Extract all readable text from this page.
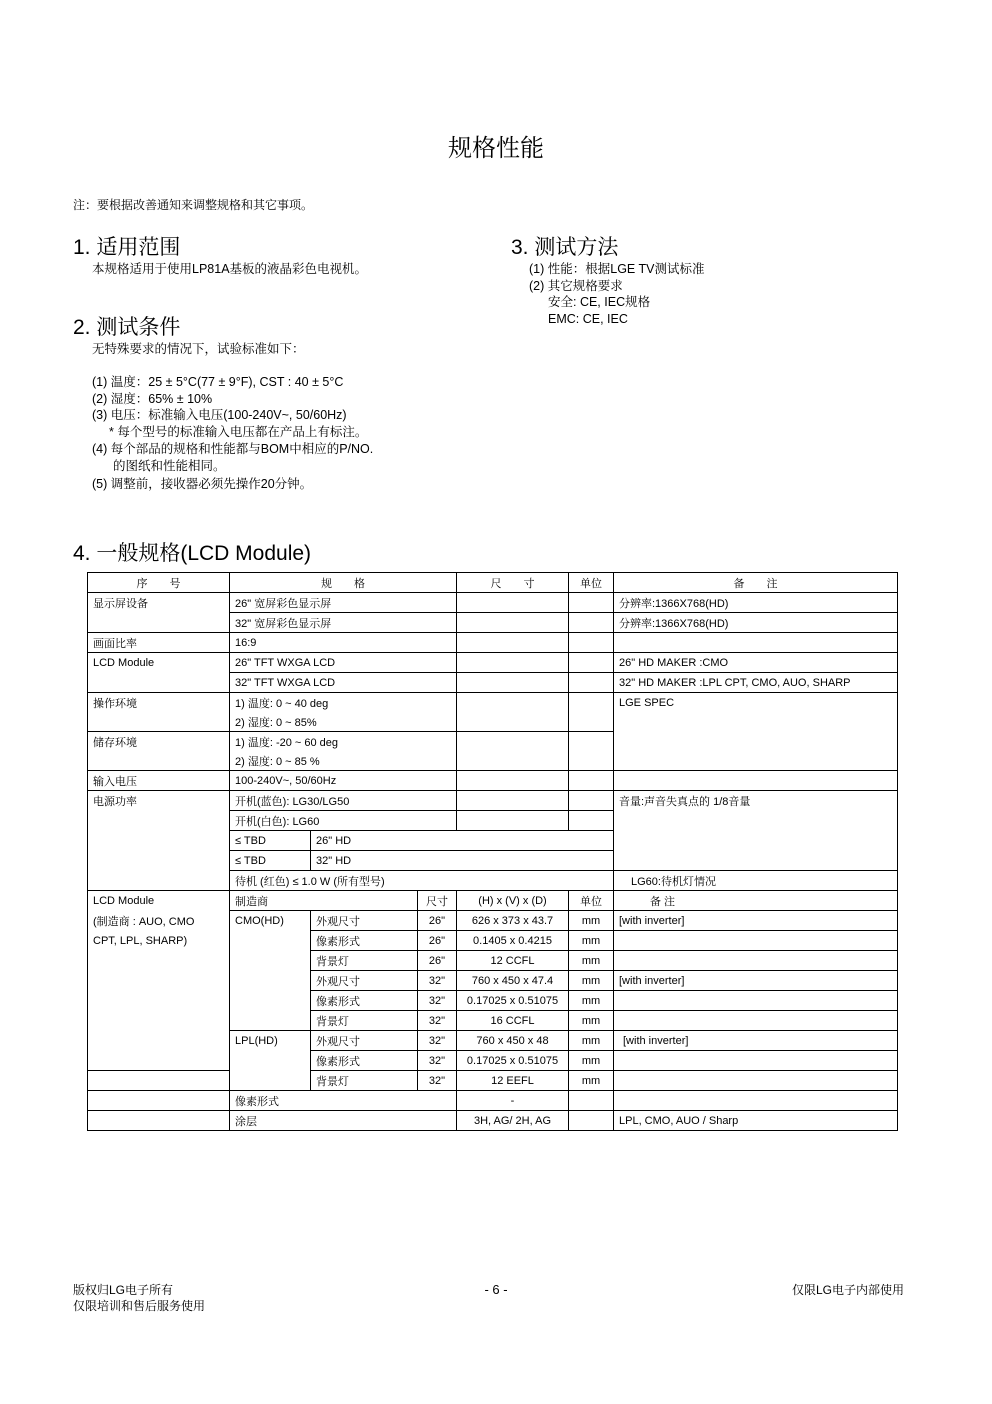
规格性能
注：要根据改善通知来调整规格和其它事项。
1. 适用范围
本规格适用于使用LP81A基板的液晶彩色电视机。
2. 测试条件
无特殊要求的情况下，试验标准如下：
(1) 温度：25 ± 5°C(77 ± 9°F), CST : 40 ± 5°C
(2) 湿度：65% ± 10%
(3) 电压：标准输入电压(100-240V~, 50/60Hz)
* 每个型号的标准输入电压都在产品上有标注。
(4) 每个部品的规格和性能都与BOM中相应的P/NO.
的图纸和性能相同。
(5) 调整前，接收器必须先操作20分钟。
3. 测试方法
(1) 性能：根据LGE TV测试标准
(2) 其它规格要求
安全: CE, IEC规格
EMC: CE, IEC
4. 一般规格(LCD Module)
序　　号	规　　格			尺　　寸	单位	备　　注
显示屏设备	26" 宽屏彩色显示屏					分辨率:1366X768(HD)
	32" 宽屏彩色显示屏					分辨率:1366X768(HD)
画面比率	16:9					
LCD Module	26" TFT WXGA LCD					26" HD MAKER :CMO
	32" TFT WXGA LCD					32" HD MAKER :LPL CPT, CMO, AUO, SHARP
操作环境	1) 温度: 0 ~ 40 deg					LGE SPEC
	2) 湿度: 0 ~ 85%					
储存环境	1) 温度: -20 ~ 60 deg					
	2) 湿度: 0 ~ 85 %					
输入电压	100-240V~, 50/60Hz					
电源功率	开机(蓝色): LG30/LG50					音量:声音失真点的 1/8音量
	开机(白色): LG60					
	≤ TBD	26" HD				
	≤ TBD	32" HD				
	待机 (红色) ≤ 1.0 W (所有型号)					LG60:待机灯情况
LCD Module	制造商		尺寸	(H) x (V) x (D)	单位	备 注
(制造商 : AUO, CMO	CMO(HD)	外观尺寸	26"	626 x 373 x 43.7	mm	[with inverter]
CPT, LPL, SHARP)		像素形式	26"	0.1405 x 0.4215	mm	
		背景灯	26"	12 CCFL	mm	
		外观尺寸	32"	760 x 450 x 47.4	mm	[with inverter]
		像素形式	32"	0.17025 x 0.51075	mm	
		背景灯	32"	16 CCFL	mm	
	LPL(HD)	外观尺寸	32"	760 x 450 x 48	mm	[with inverter]
		像素形式	32"	0.17025 x 0.51075	mm	
		背景灯	32"	12 EEFL	mm	
	像素形式			-		
	涂层			3H, AG/ 2H, AG		LPL, CMO, AUO / Sharp
版权归LG电子所有
仅限培训和售后服务使用
- 6 -	仅限LG电子内部使用
